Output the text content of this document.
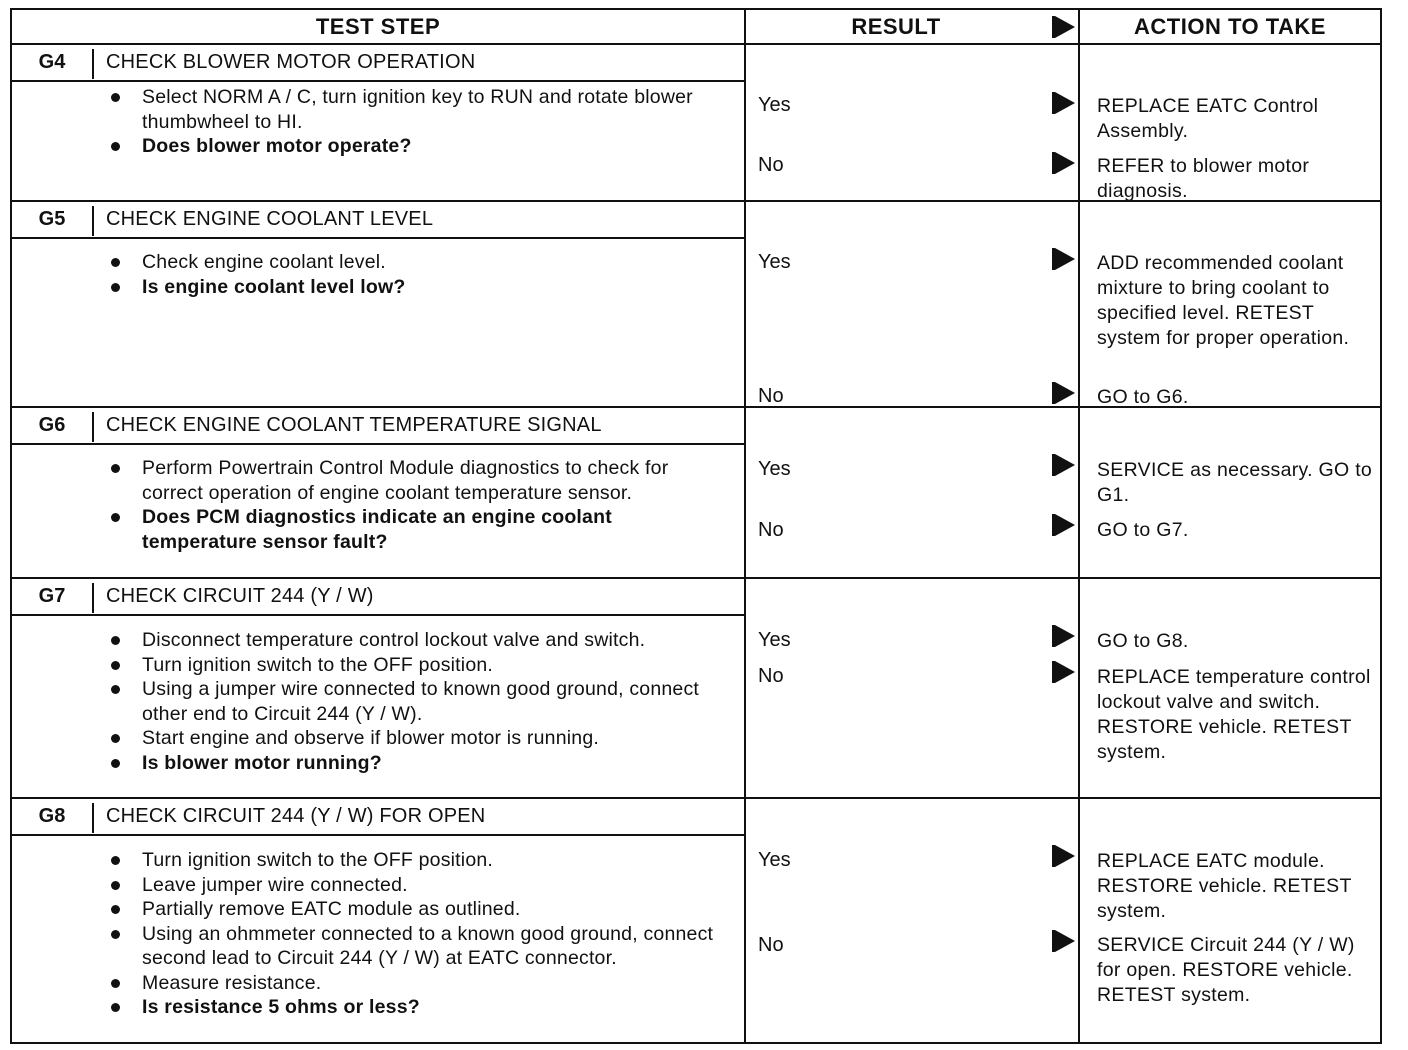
TEST STEP	RESULT	ACTION TO TAKE
G4	CHECK BLOWER MOTOR OPERATION
Select NORM A / C, turn ignition key to RUN and rotate blower thumbwheel to HI.
Does blower motor operate?
Yes	REPLACE EATC Control Assembly.
No	REFER to blower motor diagnosis.
G5	CHECK ENGINE COOLANT LEVEL
Check engine coolant level.
Is engine coolant level low?
Yes	ADD recommended coolant mixture to bring coolant to specified level. RETEST system for proper operation.
No	GO to G6.
G6	CHECK ENGINE COOLANT TEMPERATURE SIGNAL
Perform Powertrain Control Module diagnostics to check for correct operation of engine coolant temperature sensor.
Does PCM diagnostics indicate an engine coolant temperature sensor fault?
Yes	SERVICE as necessary. GO to G1.
No	GO to G7.
G7	CHECK CIRCUIT 244 (Y / W)
Disconnect temperature control lockout valve and switch.
Turn ignition switch to the OFF position.
Using a jumper wire connected to known good ground, connect other end to Circuit 244 (Y / W).
Start engine and observe if blower motor is running.
Is blower motor running?
Yes	GO to G8.
No	REPLACE temperature control lockout valve and switch. RESTORE vehicle. RETEST system.
G8	CHECK CIRCUIT 244 (Y / W) FOR OPEN
Turn ignition switch to the OFF position.
Leave jumper wire connected.
Partially remove EATC module as outlined.
Using an ohmmeter connected to a known good ground, connect second lead to Circuit 244 (Y / W) at EATC connector.
Measure resistance.
Is resistance 5 ohms or less?
Yes	REPLACE EATC module. RESTORE vehicle. RETEST system.
No	SERVICE Circuit 244 (Y / W) for open. RESTORE vehicle. RETEST system.
